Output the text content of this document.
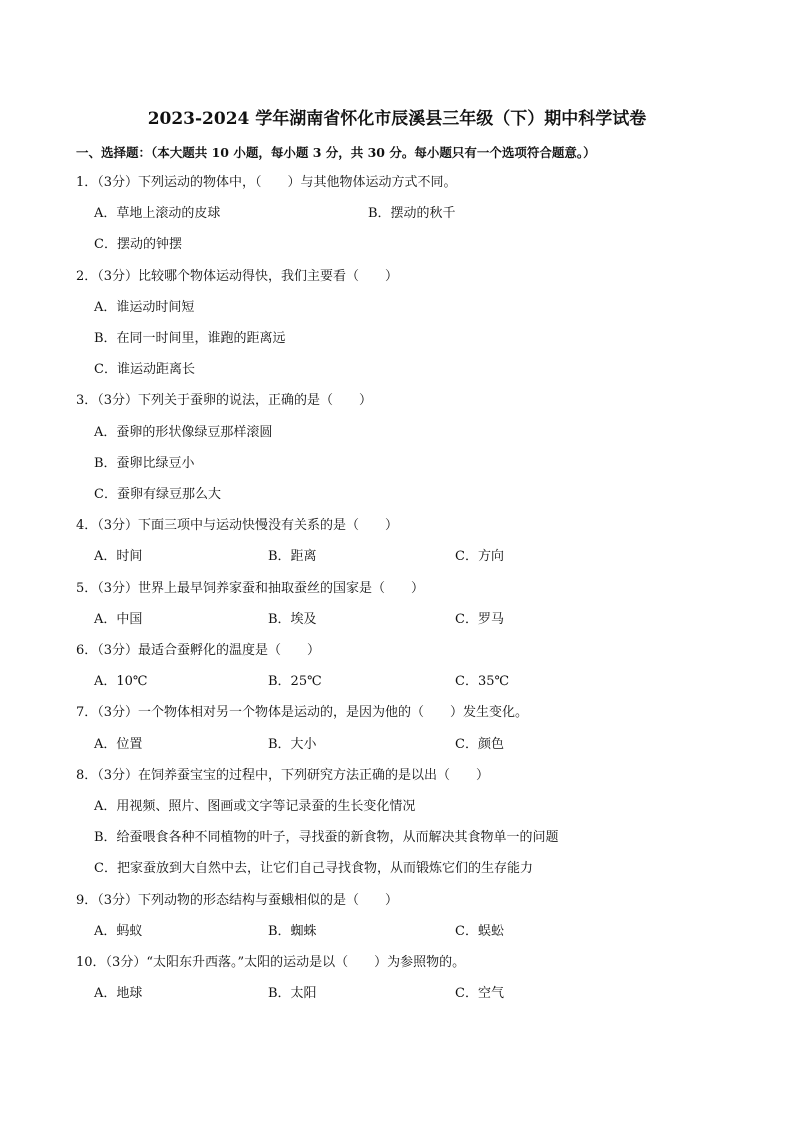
2023-2024 学年湖南省怀化市辰溪县三年级（下）期中科学试卷
一、选择题：（本大题共 10 小题，每小题 3 分，共 30 分。每小题只有一个选项符合题意。）
1．（3分）下列运动的物体中，（　　）与其他物体运动方式不同。
A．草地上滚动的皮球	B．摆动的秋千
C．摆动的钟摆
2．（3分）比较哪个物体运动得快，我们主要看（　　）
A．谁运动时间短
B．在同一时间里，谁跑的距离远
C．谁运动距离长
3．（3分）下列关于蚕卵的说法，正确的是（　　）
A．蚕卵的形状像绿豆那样滚圆
B．蚕卵比绿豆小
C．蚕卵有绿豆那么大
4．（3分）下面三项中与运动快慢没有关系的是（　　）
A．时间	B．距离	C．方向
5．（3分）世界上最早饲养家蚕和抽取蚕丝的国家是（　　）
A．中国	B．埃及	C．罗马
6．（3分）最适合蚕孵化的温度是（　　）
A．10℃	B．25℃	C．35℃
7．（3分）一个物体相对另一个物体是运动的，是因为他的（　　）发生变化。
A．位置	B．大小	C．颜色
8．（3分）在饲养蚕宝宝的过程中，下列研究方法正确的是以出（　　）
A．用视频、照片、图画或文字等记录蚕的生长变化情况
B．给蚕喂食各种不同植物的叶子，寻找蚕的新食物，从而解决其食物单一的问题
C．把家蚕放到大自然中去，让它们自己寻找食物，从而锻炼它们的生存能力
9．（3分）下列动物的形态结构与蚕蛾相似的是（　　）
A．蚂蚁	B．蜘蛛	C．蜈蚣
10．（3分）“太阳东升西落。”太阳的运动是以（　　）为参照物的。
A．地球	B．太阳	C．空气
